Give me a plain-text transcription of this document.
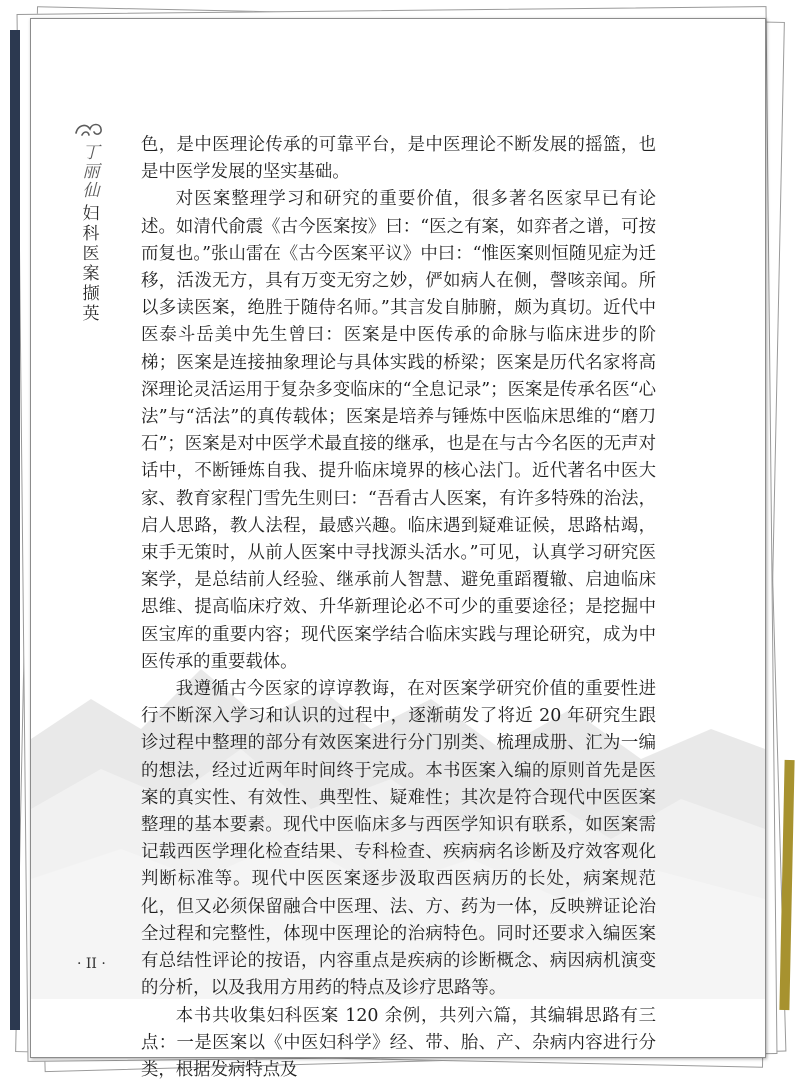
丁丽仙
妇科医案撷英

色，是中医理论传承的可靠平台，是中医理论不断发展的摇篮，也是中医学发展的坚实基础。

对医案整理学习和研究的重要价值，很多著名医家早已有论述。如清代俞震《古今医案按》曰：“医之有案，如弈者之谱，可按而复也。”张山雷在《古今医案平议》中曰：“惟医案则恒随见症为迁移，活泼无方，具有万变无穷之妙，俨如病人在侧，謦咳亲闻。所以多读医案，绝胜于随侍名师。”其言发自肺腑，颇为真切。近代中医泰斗岳美中先生曾曰：医案是中医传承的命脉与临床进步的阶梯；医案是连接抽象理论与具体实践的桥梁；医案是历代名家将高深理论灵活运用于复杂多变临床的“全息记录”；医案是传承名医“心法”与“活法”的真传载体；医案是培养与锤炼中医临床思维的“磨刀石”；医案是对中医学术最直接的继承，也是在与古今名医的无声对话中，不断锤炼自我、提升临床境界的核心法门。近代著名中医大家、教育家程门雪先生则曰：“吾看古人医案，有许多特殊的治法，启人思路，教人法程，最感兴趣。临床遇到疑难证候，思路枯竭，束手无策时，从前人医案中寻找源头活水。”可见，认真学习研究医案学，是总结前人经验、继承前人智慧、避免重蹈覆辙、启迪临床思维、提高临床疗效、升华新理论必不可少的重要途径；是挖掘中医宝库的重要内容；现代医案学结合临床实践与理论研究，成为中医传承的重要载体。

我遵循古今医家的谆谆教诲，在对医案学研究价值的重要性进行不断深入学习和认识的过程中，逐渐萌发了将近 20 年研究生跟诊过程中整理的部分有效医案进行分门别类、梳理成册、汇为一编的想法，经过近两年时间终于完成。本书医案入编的原则首先是医案的真实性、有效性、典型性、疑难性；其次是符合现代中医医案整理的基本要素。现代中医临床多与西医学知识有联系，如医案需记载西医学理化检查结果、专科检查、疾病病名诊断及疗效客观化判断标准等。现代中医医案逐步汲取西医病历的长处，病案规范化，但又必须保留融合中医理、法、方、药为一体，反映辨证论治全过程和完整性，体现中医理论的治病特色。同时还要求入编医案有总结性评论的按语，内容重点是疾病的诊断概念、病因病机演变的分析，以及我用方用药的特点及诊疗思路等。

本书共收集妇科医案 120 余例，共列六篇，其编辑思路有三点：一是医案以《中医妇科学》经、带、胎、产、杂病内容进行分类，根据发病特点及

· II ·
